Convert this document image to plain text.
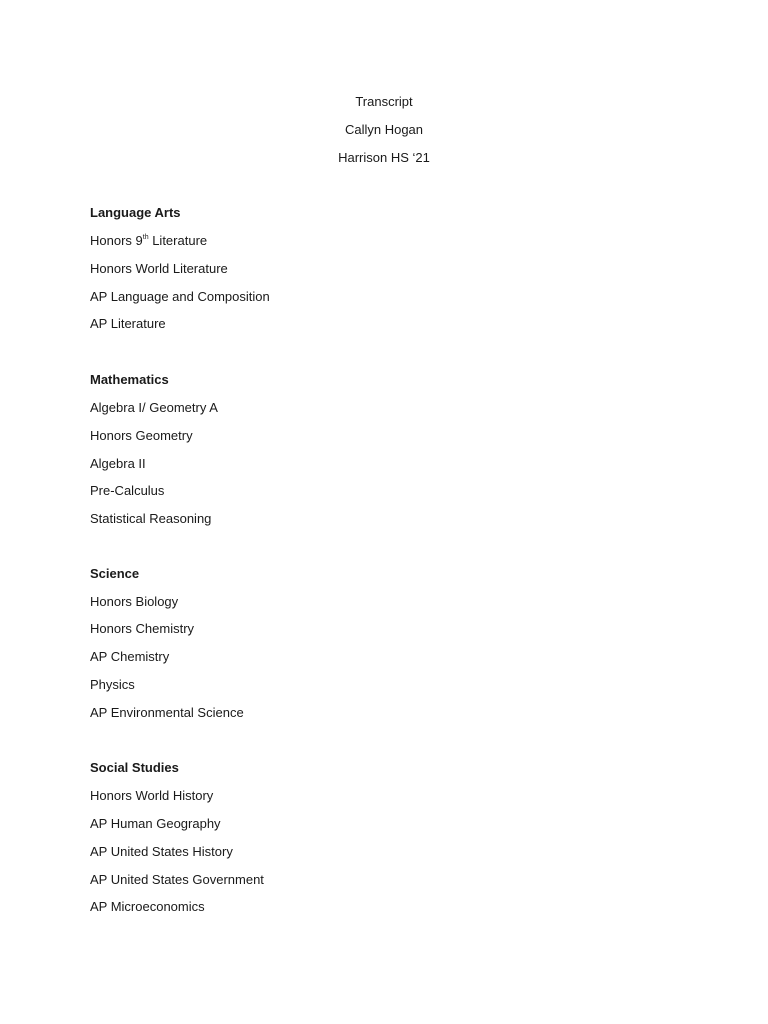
Transcript
Callyn Hogan
Harrison HS ‘21
Language Arts
Honors 9th Literature
Honors World Literature
AP Language and Composition
AP Literature
Mathematics
Algebra I/ Geometry A
Honors Geometry
Algebra II
Pre-Calculus
Statistical Reasoning
Science
Honors Biology
Honors Chemistry
AP Chemistry
Physics
AP Environmental Science
Social Studies
Honors World History
AP Human Geography
AP United States History
AP United States Government
AP Microeconomics
